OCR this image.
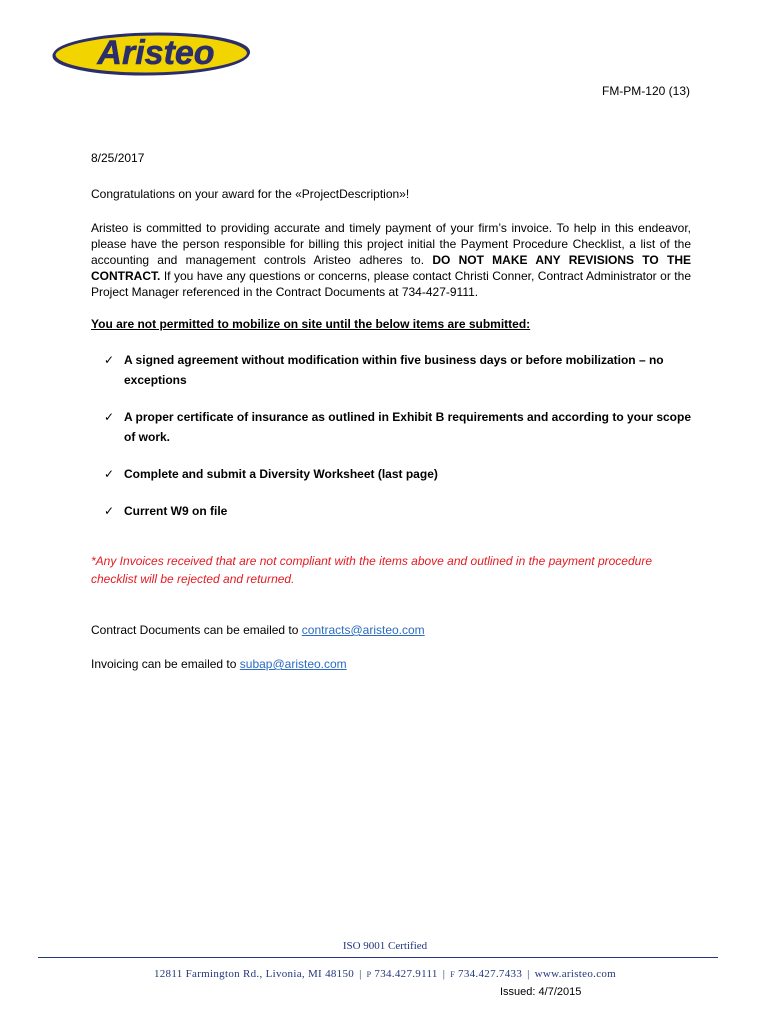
Aristeo
FM-PM-120 (13)
8/25/2017
Congratulations on your award for the «ProjectDescription»!
Aristeo is committed to providing accurate and timely payment of your firm’s invoice. To help in this endeavor, please have the person responsible for billing this project initial the Payment Procedure Checklist, a list of the accounting and management controls Aristeo adheres to. DO NOT MAKE ANY REVISIONS TO THE CONTRACT. If you have any questions or concerns, please contact Christi Conner, Contract Administrator or the Project Manager referenced in the Contract Documents at 734-427-9111.
You are not permitted to mobilize on site until the below items are submitted:
✓ A signed agreement without modification within five business days or before mobilization – no exceptions
✓ A proper certificate of insurance as outlined in Exhibit B requirements and according to your scope of work.
✓ Complete and submit a Diversity Worksheet (last page)
✓ Current W9 on file
*Any Invoices received that are not compliant with the items above and outlined in the payment procedure checklist will be rejected and returned.
Contract Documents can be emailed to contracts@aristeo.com
Invoicing can be emailed to subap@aristeo.com
ISO 9001 Certified
12811 Farmington Rd., Livonia, MI 48150 | P 734.427.9111 | F 734.427.7433 | www.aristeo.com
Issued: 4/7/2015
